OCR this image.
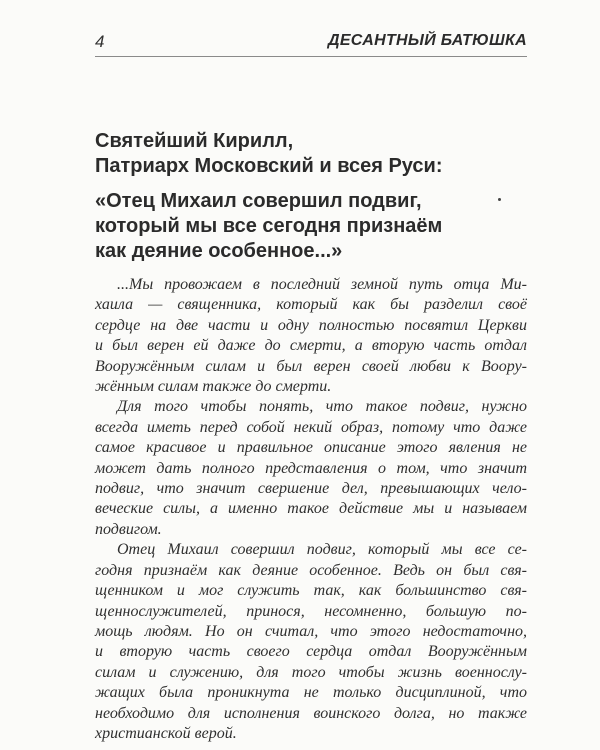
4	ДЕСАНТНЫЙ БАТЮШКА
Святейший Кирилл,
Патриарх Московский и всея Руси:
«Отец Михаил совершил подвиг,
который мы все сегодня признаём
как деяние особенное...»
...Мы провожаем в последний земной путь отца Ми-
хаила — священника, который как бы разделил своё
сердце на две части и одну полностью посвятил Церкви
и был верен ей даже до смерти, а вторую часть отдал
Вооружённым силам и был верен своей любви к Воору-
жённым силам также до смерти.
Для того чтобы понять, что такое подвиг, нужно
всегда иметь перед собой некий образ, потому что даже
самое красивое и правильное описание этого явления не
может дать полного представления о том, что значит
подвиг, что значит свершение дел, превышающих чело-
веческие силы, а именно такое действие мы и называем
подвигом.
Отец Михаил совершил подвиг, который мы все се-
годня признаём как деяние особенное. Ведь он был свя-
щенником и мог служить так, как большинство свя-
щеннослужителей, принося, несомненно, большую по-
мощь людям. Но он считал, что этого недостаточно,
и вторую часть своего сердца отдал Вооружённым
силам и служению, для того чтобы жизнь военнослу-
жащих была проникнута не только дисциплиной, что
необходимо для исполнения воинского долга, но также
христианской верой.
